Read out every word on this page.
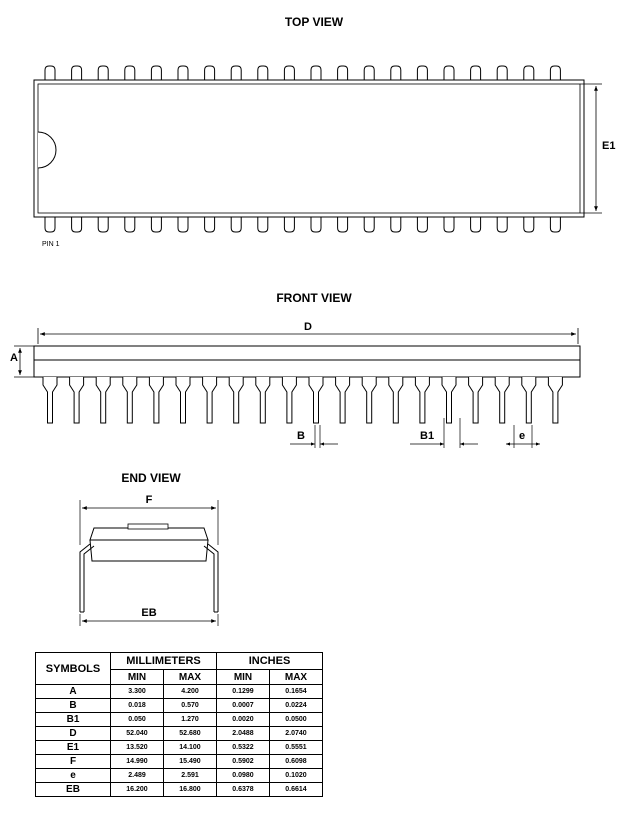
TOP VIEW
PIN 1
E1
FRONT VIEW
D
A
B	B1	e
END VIEW
F
EB
SYMBOLS	MILLIMETERS		INCHES	
	MIN	MAX	MIN	MAX
A	3.300	4.200	0.1299	0.1654
B	0.018	0.570	0.0007	0.0224
B1	0.050	1.270	0.0020	0.0500
D	52.040	52.680	2.0488	2.0740
E1	13.520	14.100	0.5322	0.5551
F	14.990	15.490	0.5902	0.6098
e	2.489	2.591	0.0980	0.1020
EB	16.200	16.800	0.6378	0.6614
